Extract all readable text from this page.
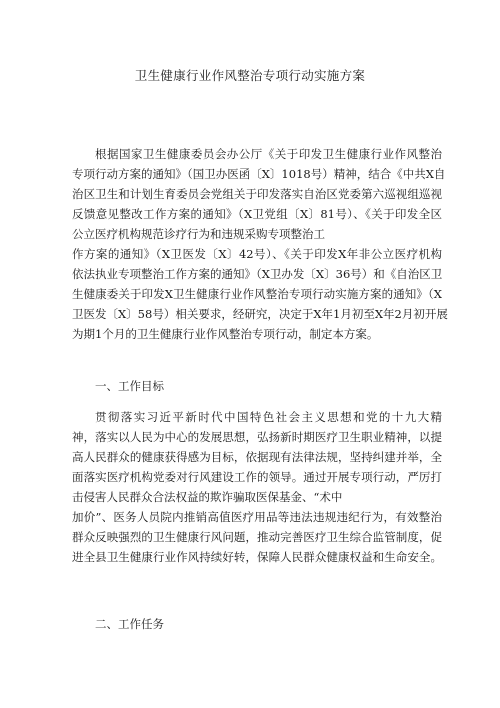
卫生健康行业作风整治专项行动实施方案
根据国家卫生健康委员会办公厅《关于印发卫生健康行业作风整治
专项行动方案的通知》（国卫办医函〔X〕1018号）精神，结合《中共X自
治区卫生和计划生育委员会党组关于印发落实自治区党委第六巡视组巡视
反馈意见整改工作方案的通知》（X卫党组〔X〕81号）、《关于印发全区
公立医疗机构规范诊疗行为和违规采购专项整治工
作方案的通知》（X卫医发〔X〕42号）、《关于印发X年非公立医疗机构
依法执业专项整治工作方案的通知》（X卫办发〔X〕36号）和《自治区卫
生健康委关于印发X卫生健康行业作风整治专项行动实施方案的通知》（X
卫医发〔X〕58号）相关要求，经研究，决定于X年1月初至X年2月初开展
为期1个月的卫生健康行业作风整治专项行动，制定本方案。
一、工作目标
贯彻落实习近平新时代中国特色社会主义思想和党的十九大精
神，落实以人民为中心的发展思想，弘扬新时期医疗卫生职业精神，以提
高人民群众的健康获得感为目标，依据现有法律法规，坚持纠建并举，全
面落实医疗机构党委对行风建设工作的领导。通过开展专项行动，严厉打
击侵害人民群众合法权益的欺诈骗取医保基金、“术中
加价”、医务人员院内推销高值医疗用品等违法违规违纪行为，有效整治
群众反映强烈的卫生健康行风问题，推动完善医疗卫生综合监管制度，促
进全县卫生健康行业作风持续好转，保障人民群众健康权益和生命安全。
二、工作任务
